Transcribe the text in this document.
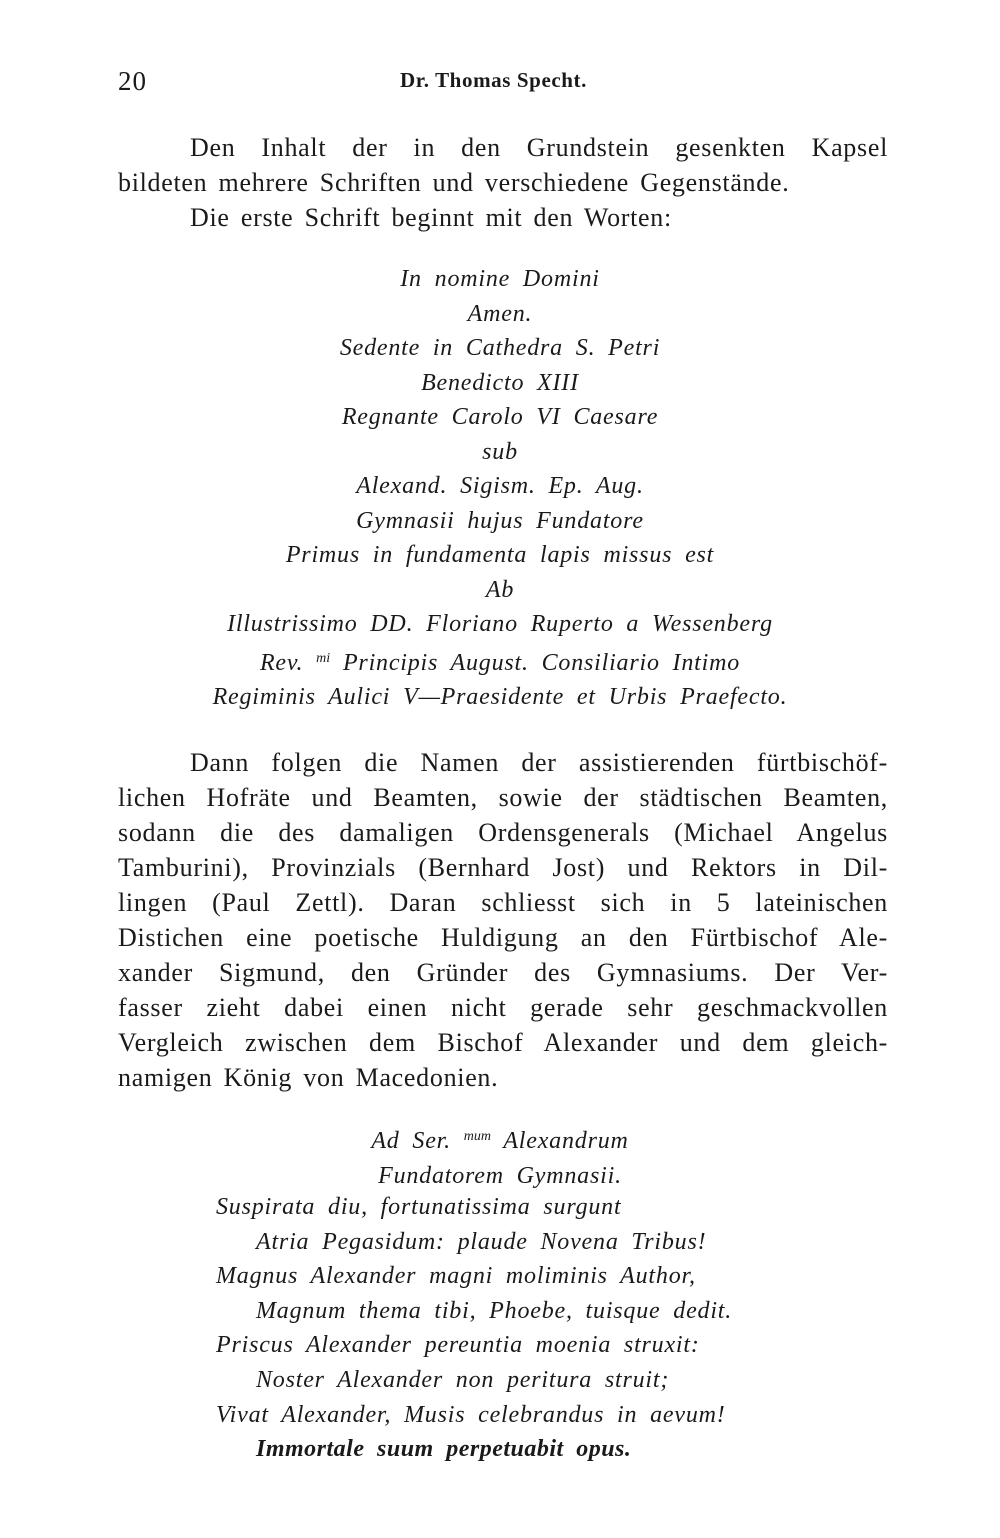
20	Dr. Thomas Specht.

Den Inhalt der in den Grundstein gesenkten Kapsel
bildeten mehrere Schriften und verschiedene Gegenstände.

Die erste Schrift beginnt mit den Worten:

In nomine Domini
Amen.
Sedente in Cathedra S. Petri
Benedicto XIII
Regnante Carolo VI Caesare
sub
Alexand. Sigism. Ep. Aug.
Gymnasii hujus Fundatore
Primus in fundamenta lapis missus est
Ab
Illustrissimo DD. Floriano Ruperto a Wessenberg
Rev. $^{mi}$ Principis August. Consiliario Intimo
Regiminis Aulici V—Praesidente et Urbis Praefecto.

Dann folgen die Namen der assistierenden fürtbischöf-
lichen Hofräte und Beamten, sowie der städtischen Beamten,
sodann die des damaligen Ordensgenerals (Michael Angelus
Tamburini), Provinzials (Bernhard Jost) und Rektors in Dil-
lingen (Paul Zettl). Daran schliesst sich in 5 lateinischen
Distichen eine poetische Huldigung an den Fürtbischof Ale-
xander Sigmund, den Gründer des Gymnasiums. Der Ver-
fasser zieht dabei einen nicht gerade sehr geschmackvollen
Vergleich zwischen dem Bischof Alexander und dem gleich-
namigen König von Macedonien.

Ad Ser. $^{mum}$ Alexandrum
Fundatorem Gymnasii.
Suspirata diu, fortunatissima surgunt
Atria Pegasidum: plaude Novena Tribus!
Magnus Alexander magni moliminis Author,
Magnum thema tibi, Phoebe, tuisque dedit.
Priscus Alexander pereuntia moenia struxit:
Noster Alexander non peritura struit;
Vivat Alexander, Musis celebrandus in aevum!
Immortale suum perpetuabit opus.
